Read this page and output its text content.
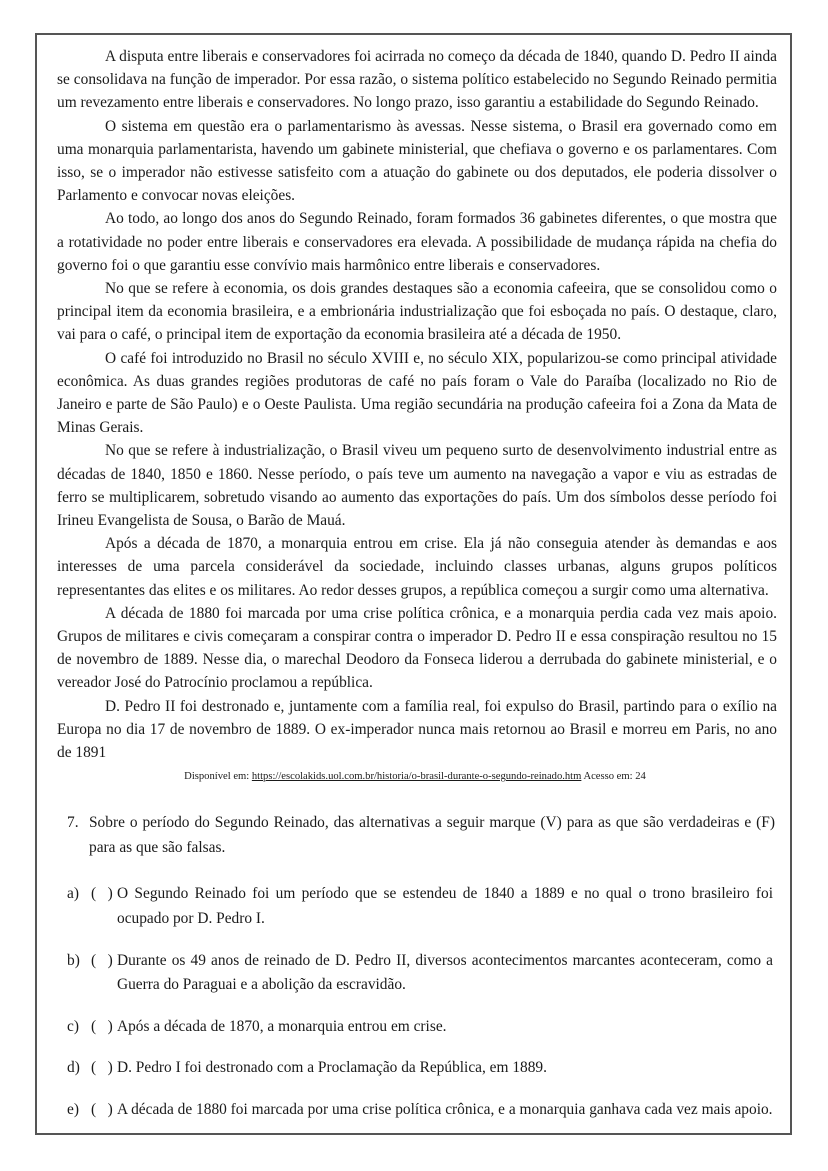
A disputa entre liberais e conservadores foi acirrada no começo da década de 1840, quando D. Pedro II ainda se consolidava na função de imperador. Por essa razão, o sistema político estabelecido no Segundo Reinado permitia um revezamento entre liberais e conservadores. No longo prazo, isso garantiu a estabilidade do Segundo Reinado.

O sistema em questão era o parlamentarismo às avessas. Nesse sistema, o Brasil era governado como em uma monarquia parlamentarista, havendo um gabinete ministerial, que chefiava o governo e os parlamentares. Com isso, se o imperador não estivesse satisfeito com a atuação do gabinete ou dos deputados, ele poderia dissolver o Parlamento e convocar novas eleições.

Ao todo, ao longo dos anos do Segundo Reinado, foram formados 36 gabinetes diferentes, o que mostra que a rotatividade no poder entre liberais e conservadores era elevada. A possibilidade de mudança rápida na chefia do governo foi o que garantiu esse convívio mais harmônico entre liberais e conservadores.

No que se refere à economia, os dois grandes destaques são a economia cafeeira, que se consolidou como o principal item da economia brasileira, e a embrionária industrialização que foi esboçada no país. O destaque, claro, vai para o café, o principal item de exportação da economia brasileira até a década de 1950.

O café foi introduzido no Brasil no século XVIII e, no século XIX, popularizou-se como principal atividade econômica. As duas grandes regiões produtoras de café no país foram o Vale do Paraíba (localizado no Rio de Janeiro e parte de São Paulo) e o Oeste Paulista. Uma região secundária na produção cafeeira foi a Zona da Mata de Minas Gerais.

No que se refere à industrialização, o Brasil viveu um pequeno surto de desenvolvimento industrial entre as décadas de 1840, 1850 e 1860. Nesse período, o país teve um aumento na navegação a vapor e viu as estradas de ferro se multiplicarem, sobretudo visando ao aumento das exportações do país. Um dos símbolos desse período foi Irineu Evangelista de Sousa, o Barão de Mauá.

Após a década de 1870, a monarquia entrou em crise. Ela já não conseguia atender às demandas e aos interesses de uma parcela considerável da sociedade, incluindo classes urbanas, alguns grupos políticos representantes das elites e os militares. Ao redor desses grupos, a república começou a surgir como uma alternativa.

A década de 1880 foi marcada por uma crise política crônica, e a monarquia perdia cada vez mais apoio. Grupos de militares e civis começaram a conspirar contra o imperador D. Pedro II e essa conspiração resultou no 15 de novembro de 1889. Nesse dia, o marechal Deodoro da Fonseca liderou a derrubada do gabinete ministerial, e o vereador José do Patrocínio proclamou a república.

D. Pedro II foi destronado e, juntamente com a família real, foi expulso do Brasil, partindo para o exílio na Europa no dia 17 de novembro de 1889. O ex-imperador nunca mais retornou ao Brasil e morreu em Paris, no ano de 1891

Disponível em: https://escolakids.uol.com.br/historia/o-brasil-durante-o-segundo-reinado.htm Acesso em: 24

7. Sobre o período do Segundo Reinado, das alternativas a seguir marque (V) para as que são verdadeiras e (F) para as que são falsas.
a) (   ) O Segundo Reinado foi um período que se estendeu de 1840 a 1889 e no qual o trono brasileiro foi ocupado por D. Pedro I.
b) (   ) Durante os 49 anos de reinado de D. Pedro II, diversos acontecimentos marcantes aconteceram, como a Guerra do Paraguai e a abolição da escravidão.
c) (   ) Após a década de 1870, a monarquia entrou em crise.
d) (   ) D. Pedro I foi destronado com a Proclamação da República, em 1889.
e) (   ) A década de 1880 foi marcada por uma crise política crônica, e a monarquia ganhava cada vez mais apoio.
